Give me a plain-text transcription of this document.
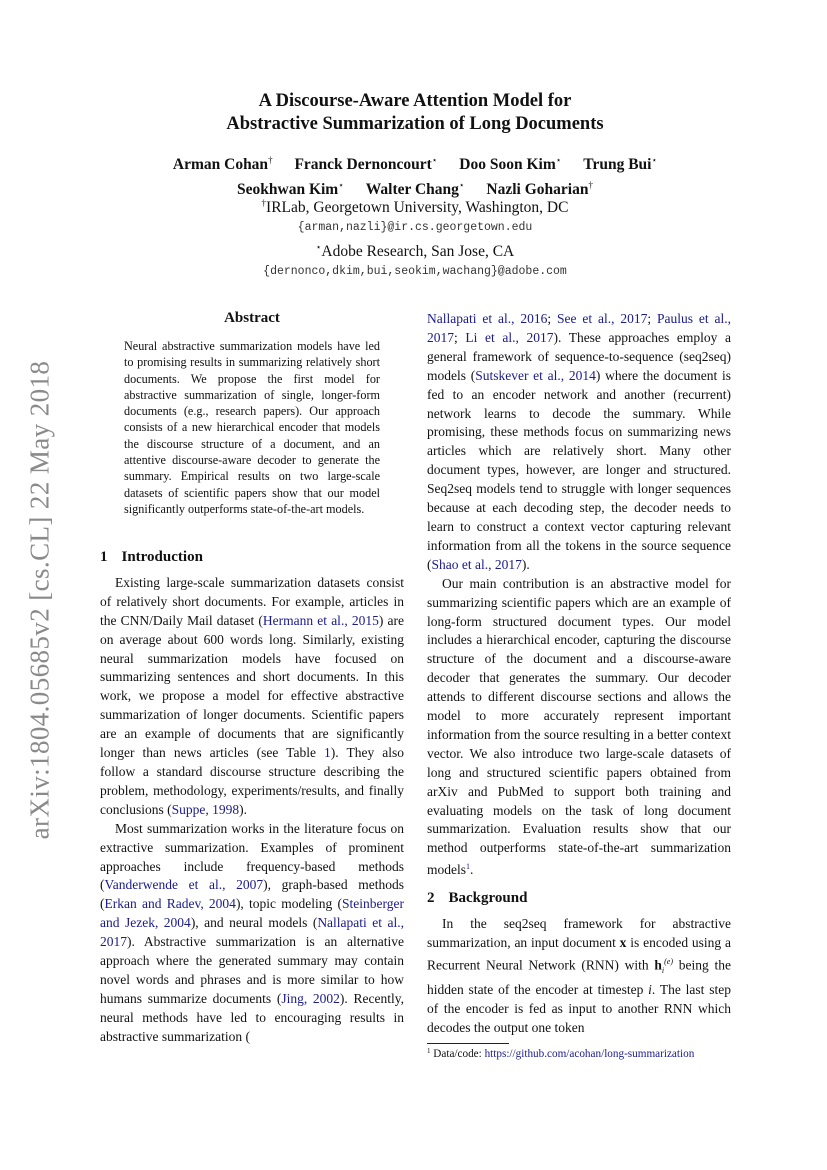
arXiv:1804.05685v2 [cs.CL] 22 May 2018
A Discourse-Aware Attention Model for
Abstractive Summarization of Long Documents
Arman Cohan† Franck Dernoncourt⋆ Doo Soon Kim⋆ Trung Bui⋆
Seokhwan Kim⋆ Walter Chang⋆ Nazli Goharian†
†IRLab, Georgetown University, Washington, DC
{arman,nazli}@ir.cs.georgetown.edu
⋆Adobe Research, San Jose, CA
{dernonco,dkim,bui,seokim,wachang}@adobe.com
Abstract
Neural abstractive summarization models have led to promising results in summarizing relatively short documents. We propose the first model for abstractive summarization of single, longer-form documents (e.g., research papers). Our approach consists of a new hierarchical encoder that models the discourse structure of a document, and an attentive discourse-aware decoder to generate the summary. Empirical results on two large-scale datasets of scientific papers show that our model significantly outperforms state-of-the-art models.
1 Introduction

Existing large-scale summarization datasets consist of relatively short documents. For example, articles in the CNN/Daily Mail dataset (Hermann et al., 2015) are on average about 600 words long. Similarly, existing neural summarization models have focused on summarizing sentences and short documents. In this work, we propose a model for effective abstractive summarization of longer documents. Scientific papers are an example of documents that are significantly longer than news articles (see Table 1). They also follow a standard discourse structure describing the problem, methodology, experiments/results, and finally conclusions (Suppe, 1998).

Most summarization works in the literature focus on extractive summarization. Examples of prominent approaches include frequency-based methods (Vanderwende et al., 2007), graph-based methods (Erkan and Radev, 2004), topic modeling (Steinberger and Jezek, 2004), and neural models (Nallapati et al., 2017). Abstractive summarization is an alternative approach where the generated summary may contain novel words and phrases and is more similar to how humans summarize documents (Jing, 2002). Recently, neural methods have led to encouraging results in abstractive summarization (

Nallapati et al., 2016; See et al., 2017; Paulus et al., 2017; Li et al., 2017). These approaches employ a general framework of sequence-to-sequence (seq2seq) models (Sutskever et al., 2014) where the document is fed to an encoder network and another (recurrent) network learns to decode the summary. While promising, these methods focus on summarizing news articles which are relatively short. Many other document types, however, are longer and structured. Seq2seq models tend to struggle with longer sequences because at each decoding step, the decoder needs to learn to construct a context vector capturing relevant information from all the tokens in the source sequence (Shao et al., 2017).

Our main contribution is an abstractive model for summarizing scientific papers which are an example of long-form structured document types. Our model includes a hierarchical encoder, capturing the discourse structure of the document and a discourse-aware decoder that generates the summary. Our decoder attends to different discourse sections and allows the model to more accurately represent important information from the source resulting in a better context vector. We also introduce two large-scale datasets of long and structured scientific papers obtained from arXiv and PubMed to support both training and evaluating models on the task of long document summarization. Evaluation results show that our method outperforms state-of-the-art summarization models$^1$.

2 Background

In the seq2seq framework for abstractive summarization, an input document x is encoded using a Recurrent Neural Network (RNN) with $h_i^{(e)}$ being the hidden state of the encoder at timestep i. The last step of the encoder is fed as input to another RNN which decodes the output one token

$^1$ Data/code: https://github.com/acohan/long-summarization
